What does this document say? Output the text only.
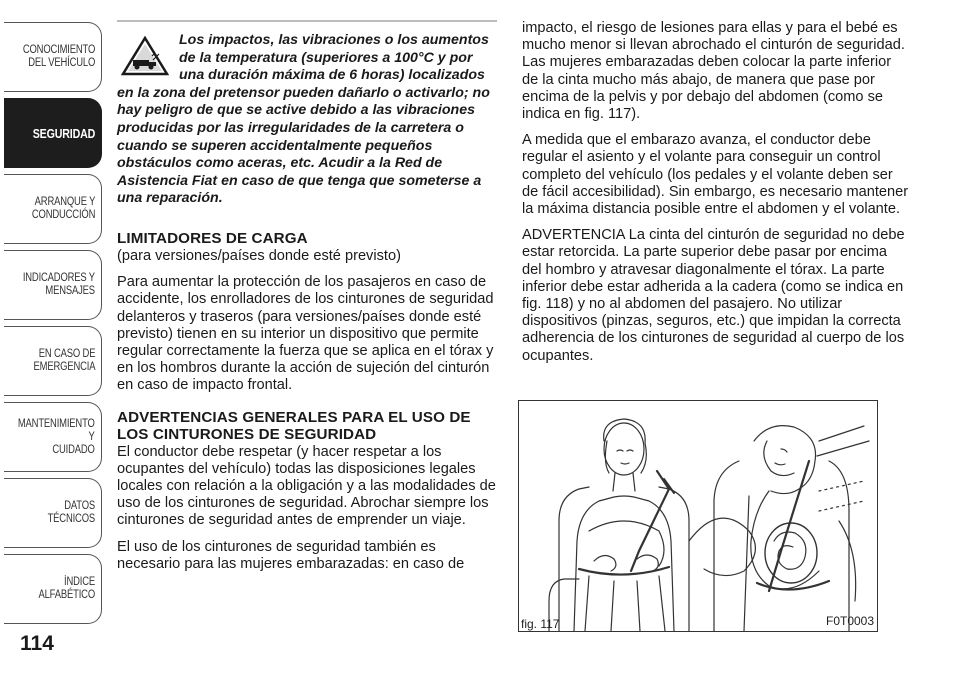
CONOCIMIENTO
DEL VEHÍCULO
SEGURIDAD
ARRANQUE Y
CONDUCCIÓN
INDICADORES Y
MENSAJES
EN CASO DE
EMERGENCIA
MANTENIMIENTO Y
CUIDADO
DATOS TÉCNICOS
ÍNDICE ALFABÉTICO
114

Los impactos, las vibraciones o los aumentos de la temperatura (superiores a 100°C y por una duración máxima de 6 horas) localizados en la zona del pretensor pueden dañarlo o activarlo; no hay peligro de que se active debido a las vibraciones producidas por las irregularidades de la carretera o cuando se superen accidentalmente pequeños obstáculos como aceras, etc. Acudir a la Red de Asistencia Fiat en caso de que tenga que someterse a una reparación.

LIMITADORES DE CARGA

(para versiones/países donde esté previsto)

Para aumentar la protección de los pasajeros en caso de accidente, los enrolladores de los cinturones de seguridad delanteros y traseros (para versiones/países donde esté previsto) tienen en su interior un dispositivo que permite regular correctamente la fuerza que se aplica en el tórax y en los hombros durante la acción de sujeción del cinturón en caso de impacto frontal.

ADVERTENCIAS GENERALES PARA EL USO DE LOS CINTURONES DE SEGURIDAD

El conductor debe respetar (y hacer respetar a los ocupantes del vehículo) todas las disposiciones legales locales con relación a la obligación y a las modalidades de uso de los cinturones de seguridad. Abrochar siempre los cinturones de seguridad antes de emprender un viaje.

El uso de los cinturones de seguridad también es necesario para las mujeres embarazadas: en caso de

impacto, el riesgo de lesiones para ellas y para el bebé es mucho menor si llevan abrochado el cinturón de seguridad. Las mujeres embarazadas deben colocar la parte inferior de la cinta mucho más abajo, de manera que pase por encima de la pelvis y por debajo del abdomen (como se indica en fig. 117).

A medida que el embarazo avanza, el conductor debe regular el asiento y el volante para conseguir un control completo del vehículo (los pedales y el volante deben ser de fácil accesibilidad). Sin embargo, es necesario mantener la máxima distancia posible entre el abdomen y el volante.

ADVERTENCIA La cinta del cinturón de seguridad no debe estar retorcida. La parte superior debe pasar por encima del hombro y atravesar diagonalmente el tórax. La parte inferior debe estar adherida a la cadera (como se indica en fig. 118) y no al abdomen del pasajero. No utilizar dispositivos (pinzas, seguros, etc.) que impidan la correcta adherencia de los cinturones de seguridad al cuerpo de los ocupantes.

fig. 117	F0T0003
